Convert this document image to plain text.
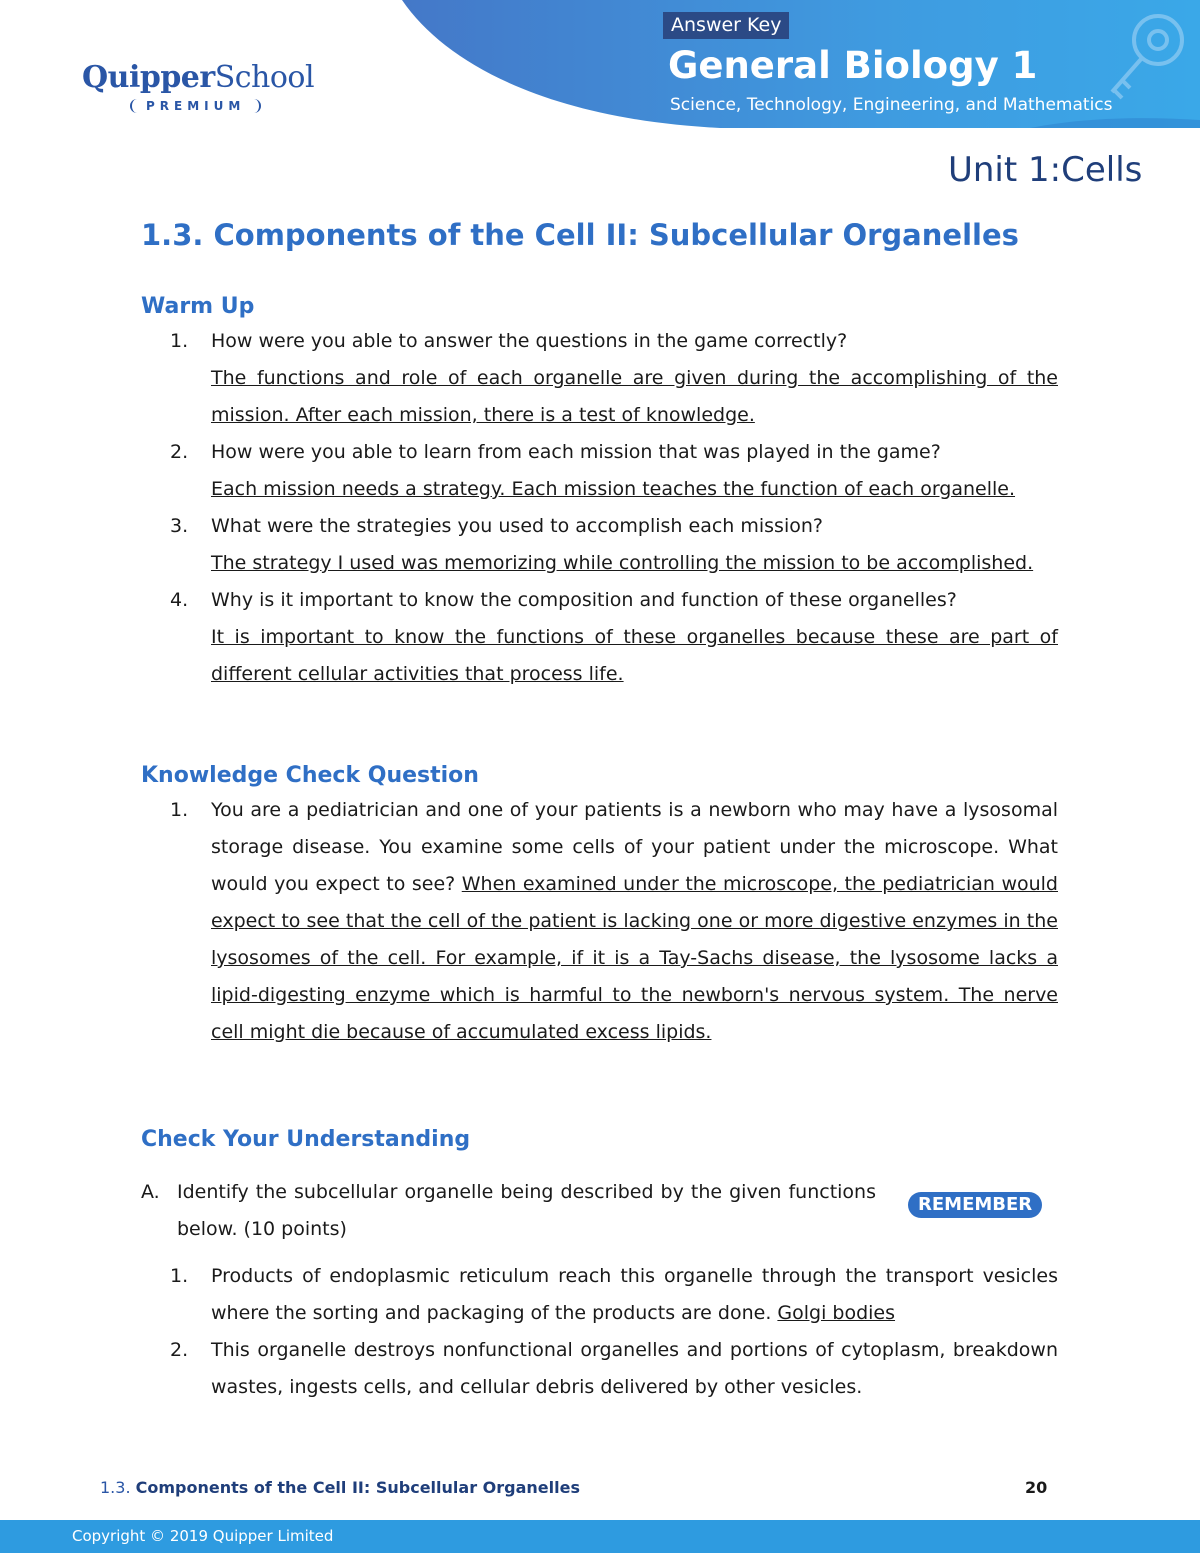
QuipperSchool
PREMIUM
Answer Key
General Biology 1
Science, Technology, Engineering, and Mathematics
Unit 1:Cells
1.3. Components of the Cell II: Subcellular Organelles
Warm Up
1.	How were you able to answer the questions in the game correctly?
The functions and role of each organelle are given during the accomplishing of the mission. After each mission, there is a test of knowledge.
2.	How were you able to learn from each mission that was played in the game?
Each mission needs a strategy. Each mission teaches the function of each organelle.
3.	What were the strategies you used to accomplish each mission?
The strategy I used was memorizing while controlling the mission to be accomplished.
4.	Why is it important to know the composition and function of these organelles?
It is important to know the functions of these organelles because these are part of different cellular activities that process life.
Knowledge Check Question
1.	You are a pediatrician and one of your patients is a newborn who may have a lysosomal storage disease. You examine some cells of your patient under the microscope. What would you expect to see? When examined under the microscope, the pediatrician would expect to see that the cell of the patient is lacking one or more digestive enzymes in the lysosomes of the cell. For example, if it is a Tay-Sachs disease, the lysosome lacks a lipid-digesting enzyme which is harmful to the newborn's nervous system. The nerve cell might die because of accumulated excess lipids.
Check Your Understanding
A. Identify the subcellular organelle being described by the given functions below. (10 points)
REMEMBER
1.	Products of endoplasmic reticulum reach this organelle through the transport vesicles where the sorting and packaging of the products are done. Golgi bodies
2.	This organelle destroys nonfunctional organelles and portions of cytoplasm, breakdown wastes, ingests cells, and cellular debris delivered by other vesicles.
1.3. Components of the Cell II: Subcellular Organelles	20
Copyright © 2019 Quipper Limited
